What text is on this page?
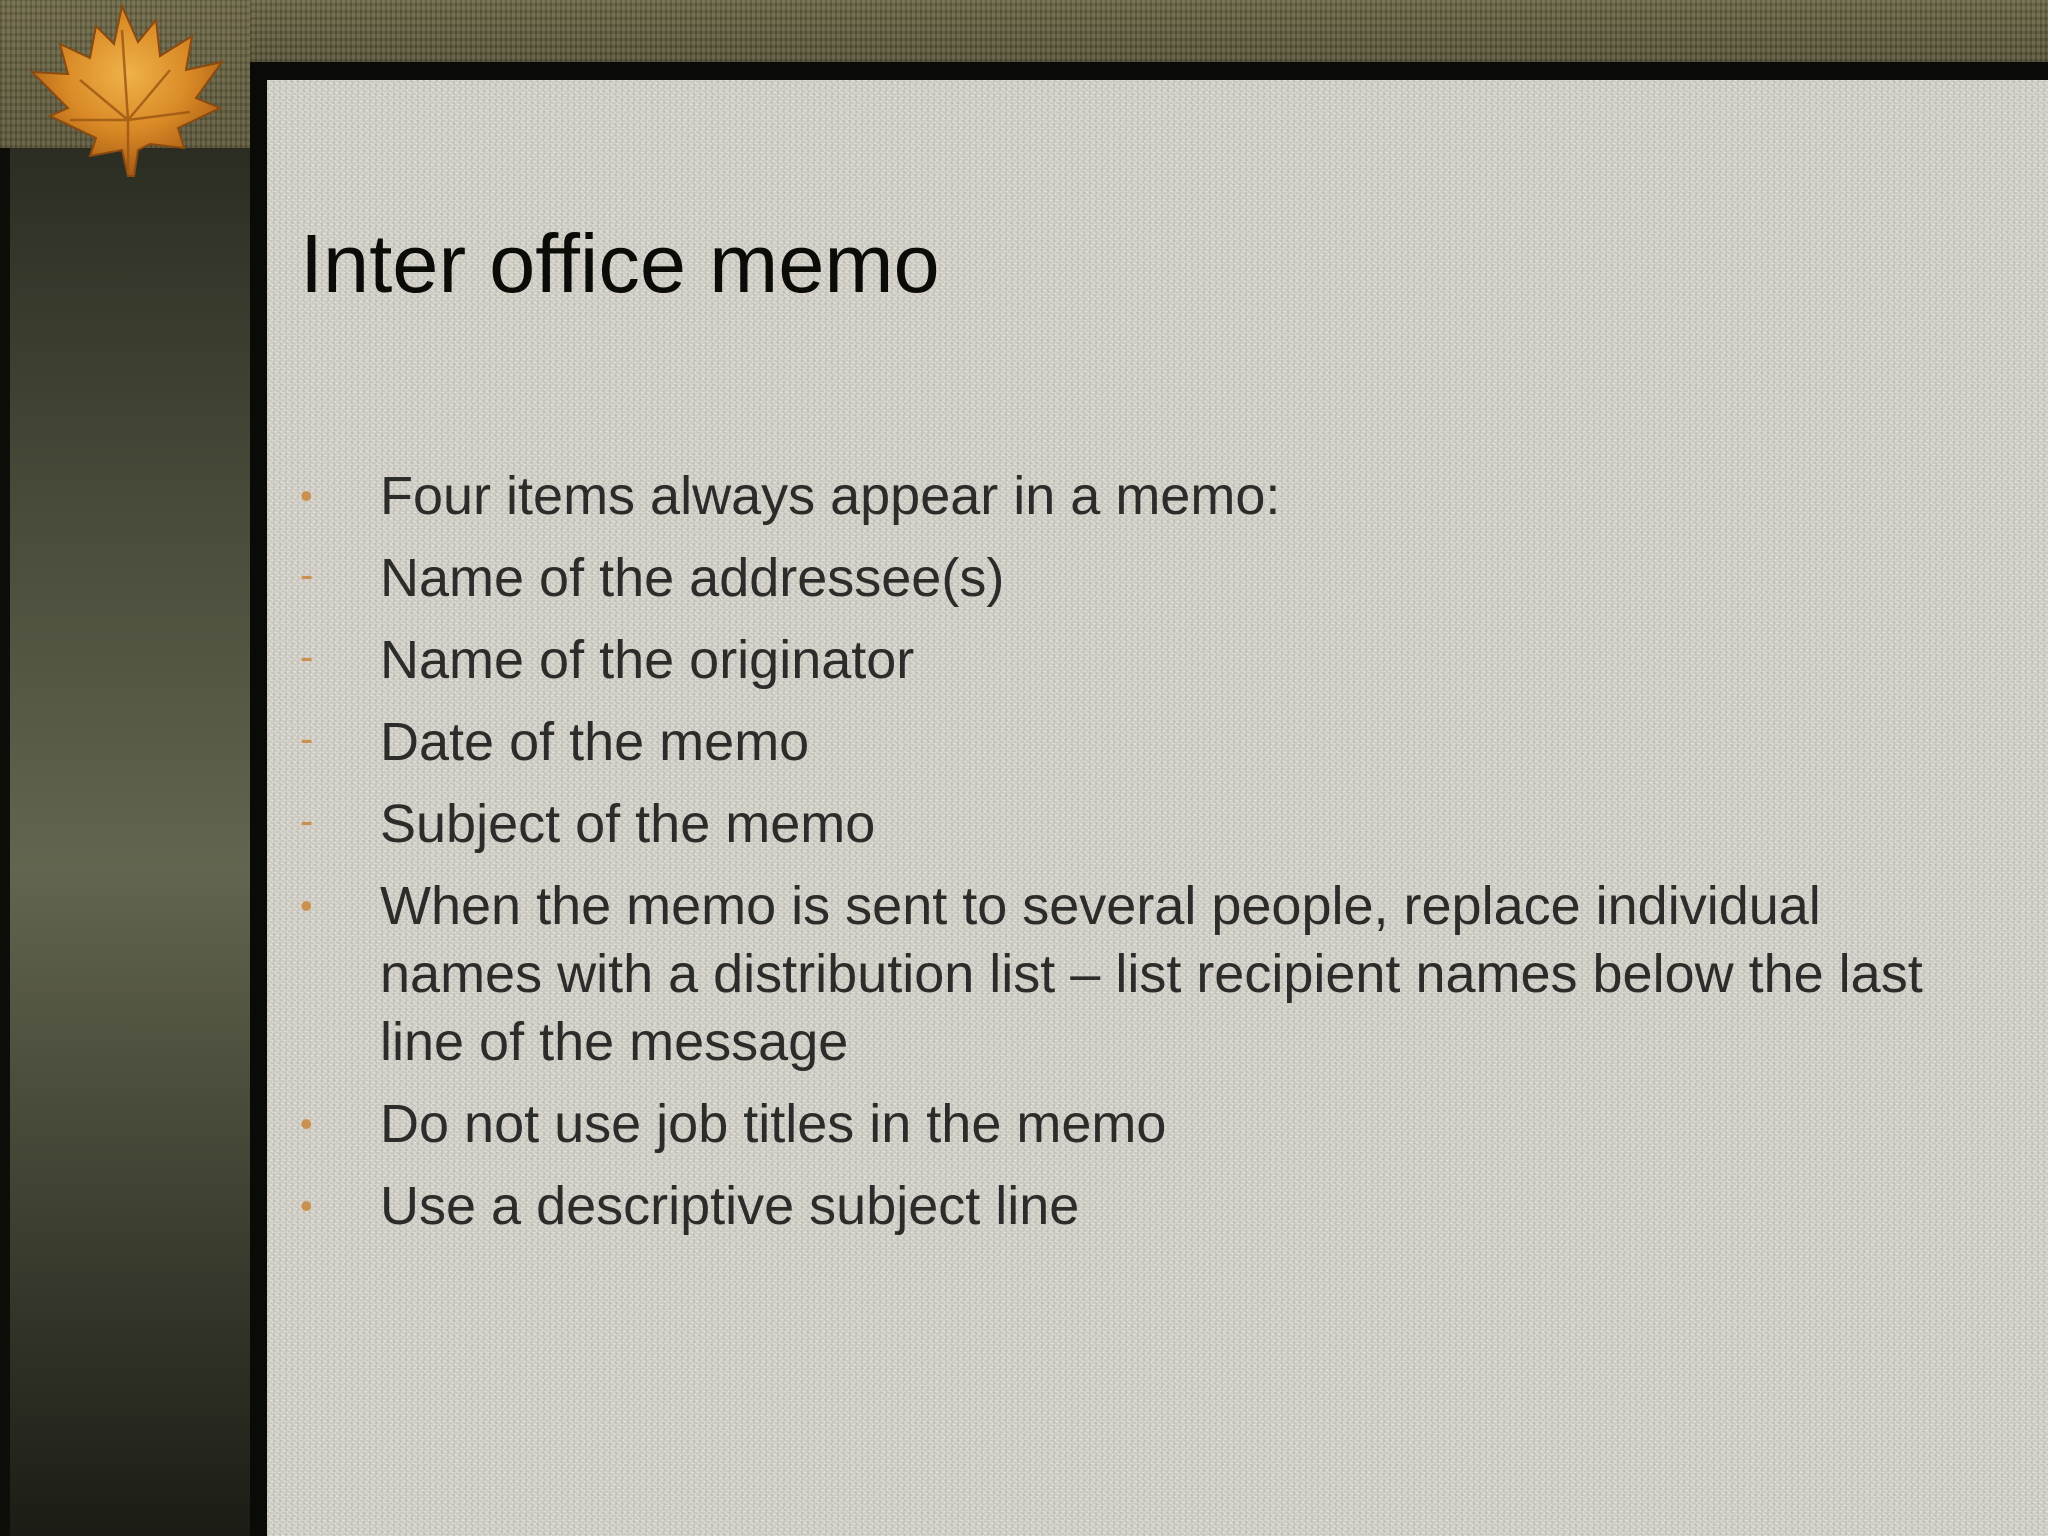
Inter office memo
•	Four items always appear in a memo:
-	Name of the addressee(s)
-	Name of the originator
-	Date of the memo
-	Subject of the memo
•	When the memo is sent to several people, replace individual names with a distribution list – list recipient names below the last line of the message
•	Do not use job titles in the memo
•	Use a descriptive subject line
